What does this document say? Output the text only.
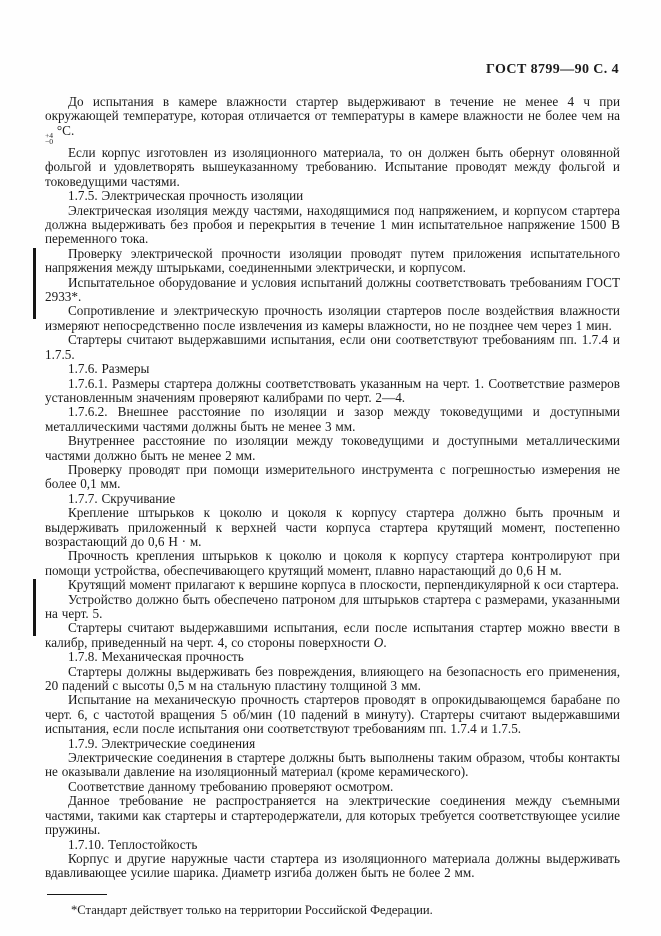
ГОСТ 8799—90 С. 4

До испытания в камере влажности стартер выдерживают в течение не менее 4 ч при окружающей температуре, которая отличается от температуры в камере влажности не более чем на
+4
−0
°С.

Если корпус изготовлен из изоляционного материала, то он должен быть обернут оловянной фольгой и удовлетворять вышеуказанному требованию. Испытание проводят между фольгой и токоведущими частями.

1.7.5. Электрическая прочность изоляции

Электрическая изоляция между частями, находящимися под напряжением, и корпусом стартера должна выдерживать без пробоя и перекрытия в течение 1 мин испытательное напряжение 1500 В переменного тока.

Проверку электрической прочности изоляции проводят путем приложения испытательного напряжения между штырьками, соединенными электрически, и корпусом.

Испытательное оборудование и условия испытаний должны соответствовать требованиям ГОСТ 2933*.

Сопротивление и электрическую прочность изоляции стартеров после воздействия влажности измеряют непосредственно после извлечения из камеры влажности, но не позднее чем через 1 мин.

Стартеры считают выдержавшими испытания, если они соответствуют требованиям пп. 1.7.4 и 1.7.5.

1.7.6. Размеры

1.7.6.1. Размеры стартера должны соответствовать указанным на черт. 1. Соответствие размеров установленным значениям проверяют калибрами по черт. 2—4.

1.7.6.2. Внешнее расстояние по изоляции и зазор между токоведущими и доступными металлическими частями должны быть не менее 3 мм.

Внутреннее расстояние по изоляции между токоведущими и доступными металлическими частями должно быть не менее 2 мм.

Проверку проводят при помощи измерительного инструмента с погрешностью измерения не более 0,1 мм.

1.7.7. Скручивание

Крепление штырьков к цоколю и цоколя к корпусу стартера должно быть прочным и выдерживать приложенный к верхней части корпуса стартера крутящий момент, постепенно возрастающий до 0,6 Н · м.

Прочность крепления штырьков к цоколю и цоколя к корпусу стартера контролируют при помощи устройства, обеспечивающего крутящий момент, плавно нарастающий до 0,6 Н м.

Крутящий момент прилагают к вершине корпуса в плоскости, перпендикулярной к оси стартера.

Устройство должно быть обеспечено патроном для штырьков стартера с размерами, указанными на черт. 5.

Стартеры считают выдержавшими испытания, если после испытания стартер можно ввести в калибр, приведенный на черт. 4, со стороны поверхности О.

1.7.8. Механическая прочность

Стартеры должны выдерживать без повреждения, влияющего на безопасность его применения, 20 падений с высоты 0,5 м на стальную пластину толщиной 3 мм.

Испытание на механическую прочность стартеров проводят в опрокидывающемся барабане по черт. 6, с частотой вращения 5 об/мин (10 падений в минуту). Стартеры считают выдержавшими испытания, если после испытания они соответствуют требованиям пп. 1.7.4 и 1.7.5.

1.7.9. Электрические соединения

Электрические соединения в стартере должны быть выполнены таким образом, чтобы контакты не оказывали давление на изоляционный материал (кроме керамического).

Соответствие данному требованию проверяют осмотром.

Данное требование не распространяется на электрические соединения между съемными частями, такими как стартеры и стартеродержатели, для которых требуется соответствующее усилие пружины.

1.7.10. Теплостойкость

Корпус и другие наружные части стартера из изоляционного материала должны выдерживать вдавливающее усилие шарика. Диаметр изгиба должен быть не более 2 мм.

*Стандарт действует только на территории Российской Федерации.
